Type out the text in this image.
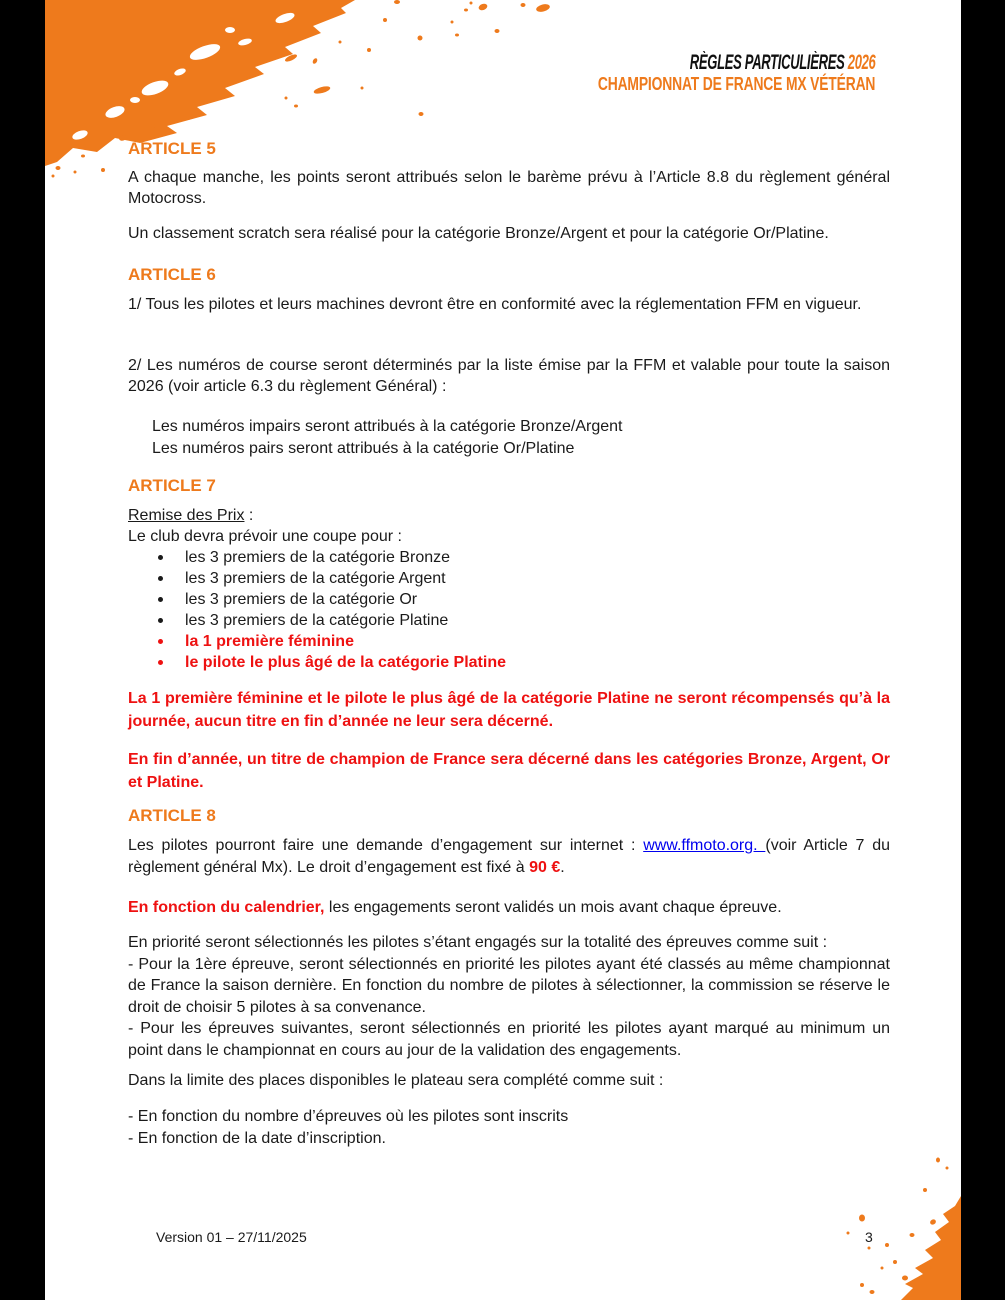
RÈGLES PARTICULIÈRES 2026
CHAMPIONNAT DE FRANCE MX VÉTÉRAN
ARTICLE 5
A chaque manche, les points seront attribués selon le barème prévu à l’Article 8.8 du règlement général Motocross.
Un classement scratch sera réalisé pour la catégorie Bronze/Argent et pour la catégorie Or/Platine.
ARTICLE 6
1/ Tous les pilotes et leurs machines devront être en conformité avec la réglementation FFM en vigueur.
2/ Les numéros de course seront déterminés par la liste émise par la FFM et valable pour toute la saison 2026 (voir article 6.3 du règlement Général) :
Les numéros impairs seront attribués à la catégorie Bronze/Argent
Les numéros pairs seront attribués à la catégorie Or/Platine
ARTICLE 7
Remise des Prix :
Le club devra prévoir une coupe pour :
les 3 premiers de la catégorie Bronze
les 3 premiers de la catégorie Argent
les 3 premiers de la catégorie Or
les 3 premiers de la catégorie Platine
la 1 première féminine
le pilote le plus âgé de la catégorie Platine
La 1 première féminine et le pilote le plus âgé de la catégorie Platine ne seront récompensés qu’à la journée, aucun titre en fin d’année ne leur sera décerné.
En fin d’année, un titre de champion de France sera décerné dans les catégories Bronze, Argent, Or et Platine.
ARTICLE 8
Les pilotes pourront faire une demande d’engagement sur internet : www.ffmoto.org. (voir Article 7 du règlement général Mx). Le droit d’engagement est fixé à 90 €.
En fonction du calendrier, les engagements seront validés un mois avant chaque épreuve.
En priorité seront sélectionnés les pilotes s’étant engagés sur la totalité des épreuves comme suit :
- Pour la 1ère épreuve, seront sélectionnés en priorité les pilotes ayant été classés au même championnat de France la saison dernière. En fonction du nombre de pilotes à sélectionner, la commission se réserve le droit de choisir 5 pilotes à sa convenance.
- Pour les épreuves suivantes, seront sélectionnés en priorité les pilotes ayant marqué au minimum un point dans le championnat en cours au jour de la validation des engagements.
Dans la limite des places disponibles le plateau sera complété comme suit :
- En fonction du nombre d’épreuves où les pilotes sont inscrits
- En fonction de la date d’inscription.
Version 01 – 27/11/2025	3
